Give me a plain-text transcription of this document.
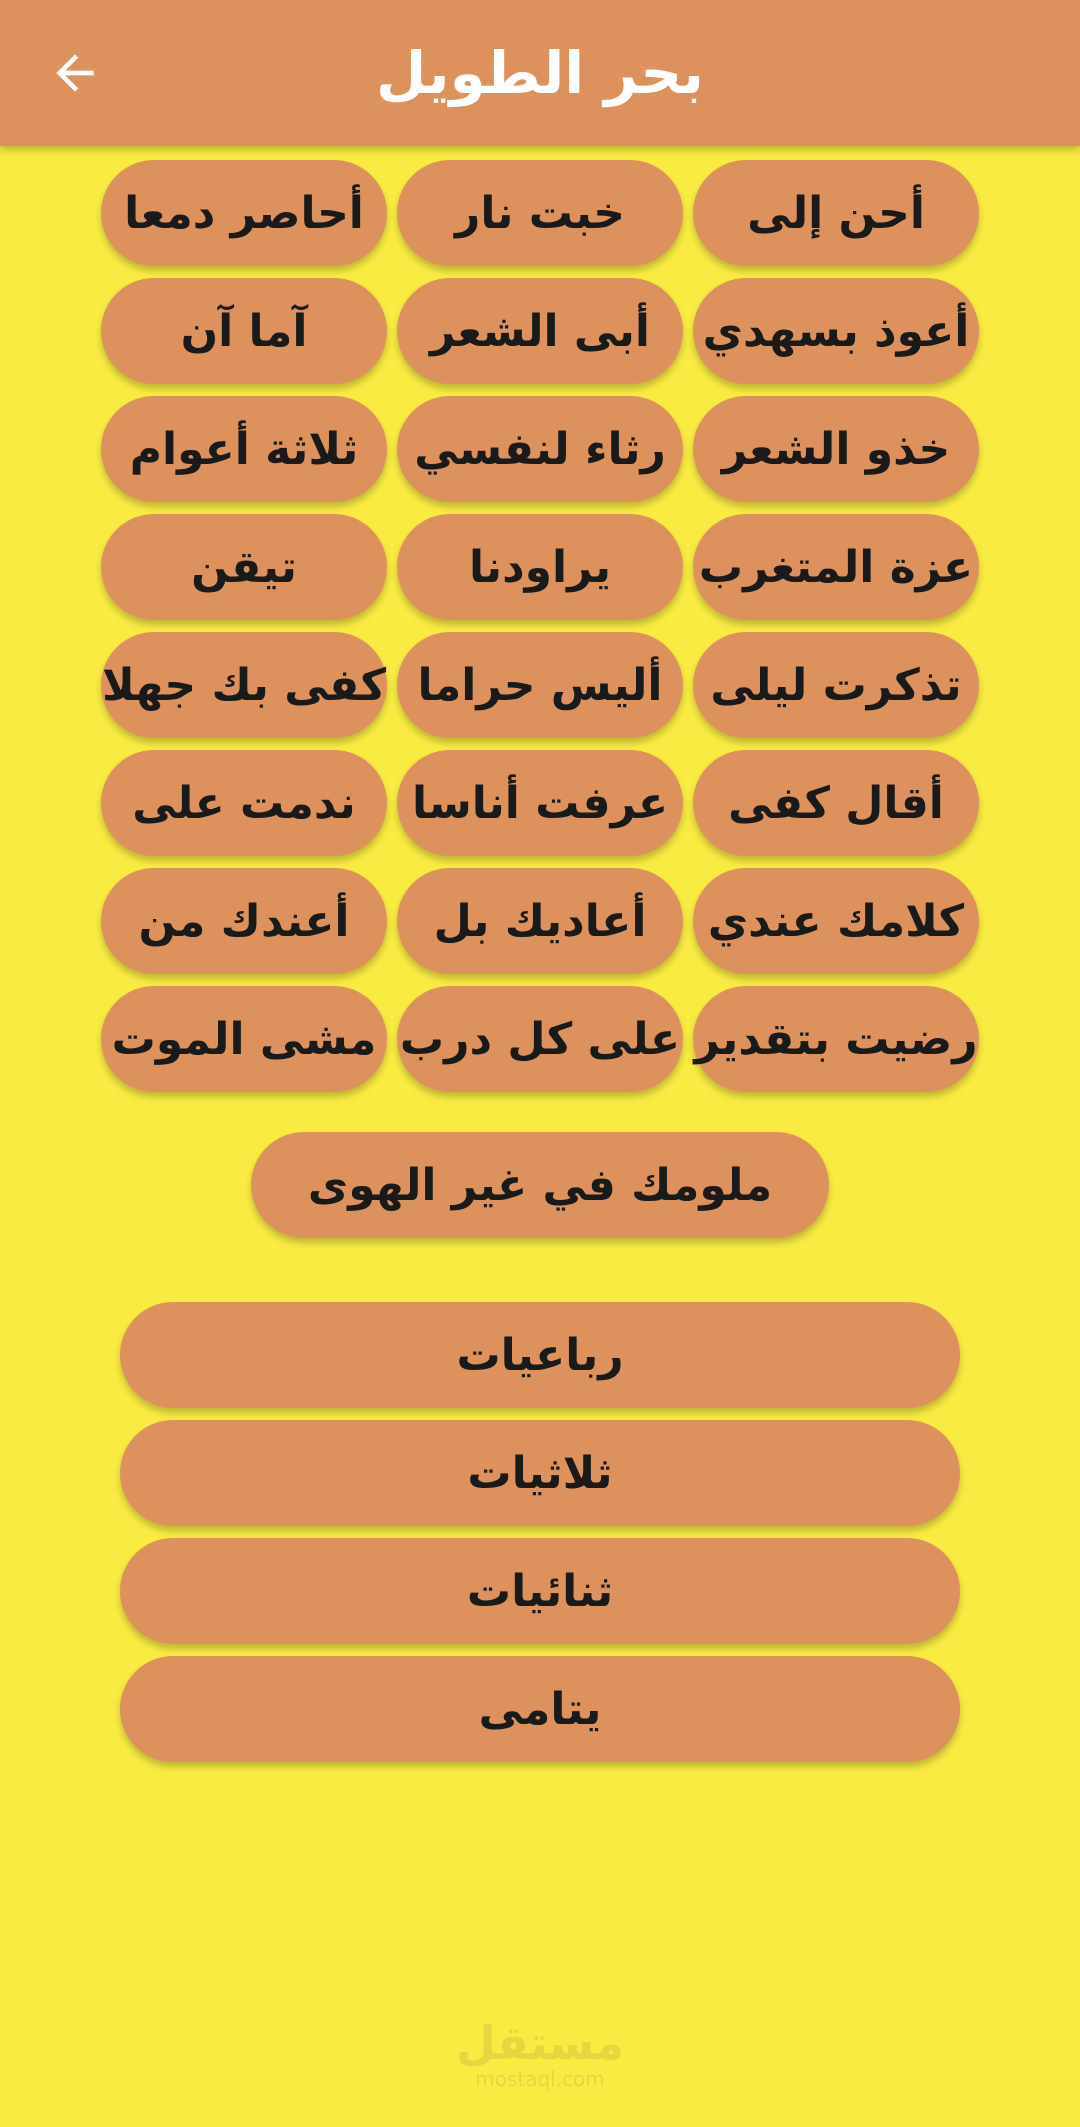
بحر الطويل
أحن إلى
خبت نار
أحاصر دمعا
أعوذ بسهدي
أبى الشعر
آما آن
خذو الشعر
رثاء لنفسي
ثلاثة أعوام
عزة المتغرب
يراودنا
تيقن
تذكرت ليلى
أليس حراما
كفى بك جهلا
أقال كفى
عرفت أناسا
ندمت على
كلامك عندي
أعاديك بل
أعندك من
رضيت بتقدير
على كل درب
مشى الموت
ملومك في غير الهوى
رباعيات
ثلاثيات
ثنائيات
يتامى
مستقل
mostaql.com
